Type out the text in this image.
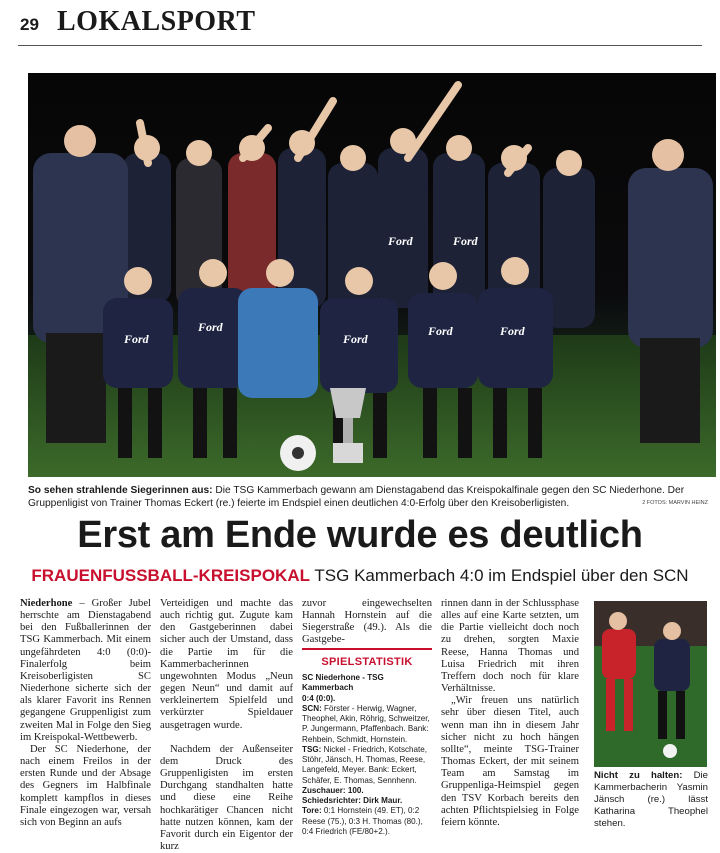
29 LOKALSPORT
Ford
Ford
Ford
Ford	Ford
Ford	Ford
So sehen strahlende Siegerinnen aus: Die TSG Kammerbach gewann am Dienstagabend das Kreispokalfinale gegen den SC Niederhone. Der Gruppenligist von Trainer Thomas Eckert (re.) feierte im Endspiel einen deutlichen 4:0-Erfolg über den Kreisoberligisten.	2 FOTOS: MARVIN HEINZ
Erst am Ende wurde es deutlich
FRAUENFUSSBALL-KREISPOKAL TSG Kammerbach 4:0 im Endspiel über den SCN

Niederhone – Großer Jubel herrschte am Dienstagabend bei den Fußballerinnen der TSG Kammerbach. Mit einem ungefährdeten 4:0 (0:0)-Finalerfolg beim Kreisoberligisten SC Niederhone sicherte sich der als klarer Favorit ins Rennen gegangene Gruppenligist zum zweiten Mal in Folge den Sieg im Kreispokal-Wettbewerb.

Der SC Niederhone, der nach einem Freilos in der ersten Runde und der Absage des Gegners im Halbfinale komplett kampflos in dieses Finale eingezogen war, versah sich von Beginn an aufs

Verteidigen und machte das auch richtig gut. Zugute kam den Gastgeberinnen dabei sicher auch der Umstand, dass die Partie im für die Kammerbacherinnen ungewohnten Modus „Neun gegen Neun“ und damit auf verkleinertem Spielfeld und verkürzter Spieldauer ausgetragen wurde.

Nachdem der Außenseiter dem Druck des Gruppenligisten im ersten Durchgang standhalten hatte und diese eine Reihe hochkarätiger Chancen nicht hatte nutzen können, kam der Favorit durch ein Eigentor der kurz

zuvor eingewechselten Hannah Hornstein auf die Siegerstraße (49.). Als die Gastgebe-

SPIELSTATISTIK
SC Niederhone - TSG Kammerbach
0:4 (0:0).
SCN: Förster - Herwig, Wagner, Theophel, Akin, Röhrig, Schweitzer, P. Jungermann, Pfaffenbach. Bank: Rehbein, Schmidt, Hornstein.
TSG: Nickel - Friedrich, Kotschate, Stöhr, Jänsch, H. Thomas, Reese, Langefeld, Meyer. Bank: Eckert, Schäfer, E. Thomas, Sennhenn.
Zuschauer: 100.
Schiedsrichter: Dirk Maur.
Tore: 0:1 Hornstein (49. ET), 0:2 Reese (75.), 0:3 H. Thomas (80.), 0:4 Friedrich (FE/80+2.).

rinnen dann in der Schlussphase alles auf eine Karte setzten, um die Partie vielleicht doch noch zu drehen, sorgten Maxie Reese, Hanna Thomas und Luisa Friedrich mit ihren Treffern doch noch für klare Verhältnisse.

„Wir freuen uns natürlich sehr über diesen Titel, auch wenn man ihn in diesem Jahr sicher nicht zu hoch hängen sollte“, meinte TSG-Trainer Thomas Eckert, der mit seinem Team am Samstag im Gruppenliga-Heimspiel gegen den TSV Korbach bereits den achten Pflichtspielsieg in Folge feiern könnte.

Nicht zu halten: Die Kammerbacherin Yasmin Jänsch (re.) lässt Katharina Theophel stehen.
